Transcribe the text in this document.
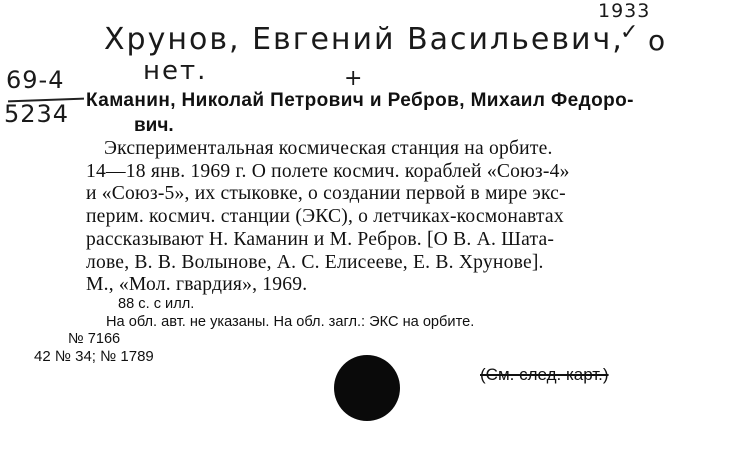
Хрунов, Евгений Васильевич,
нет.
1933
✓ о
+
69-4
5234 Каманин, Николай Петрович и Ребров, Михаил Федоро-
вич.
Экспериментальная космическая станция на орбите.
14—18 янв. 1969 г. О полете космич. кораблей «Союз-4»
и «Союз-5», их стыковке, о создании первой в мире экс-
перим. космич. станции (ЭКС), о летчиках-космонавтах
рассказывают Н. Каманин и М. Ребров. [О В. А. Шата-
лове, В. В. Волынове, А. С. Елисееве, Е. В. Хрунове].
М., «Мол. гвардия», 1969.
88 с. с илл.
На обл. авт. не указаны. На обл. загл.: ЭКС на орбите.
№ 7166
42 № 34; № 1789
(См. след. карт.)
